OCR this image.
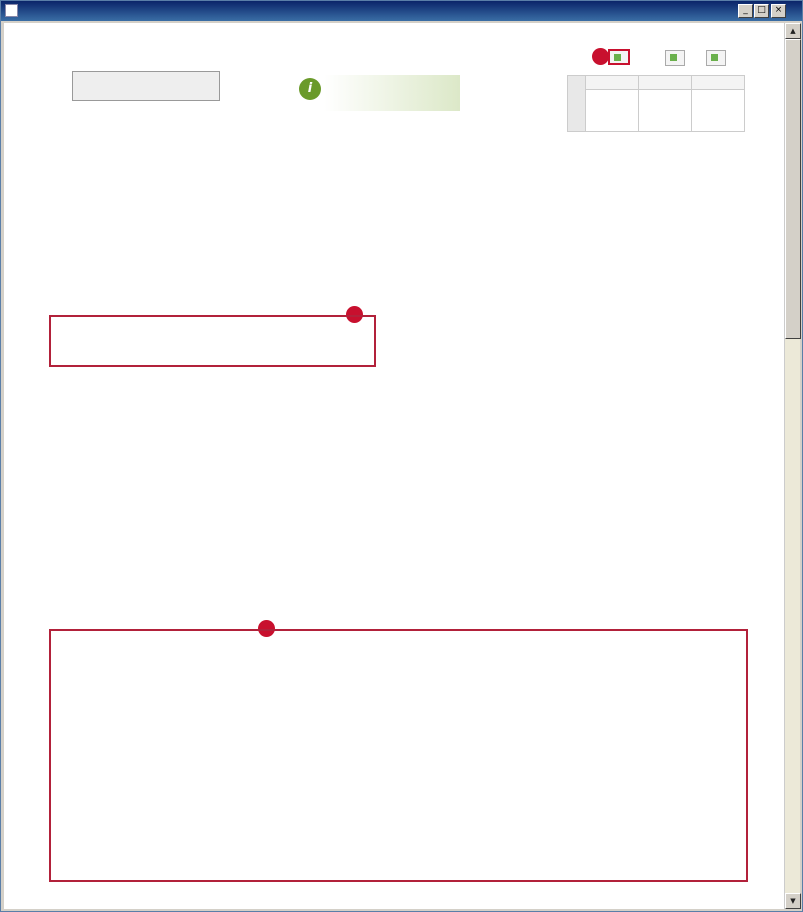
_	□ ×
i

▲
▼
